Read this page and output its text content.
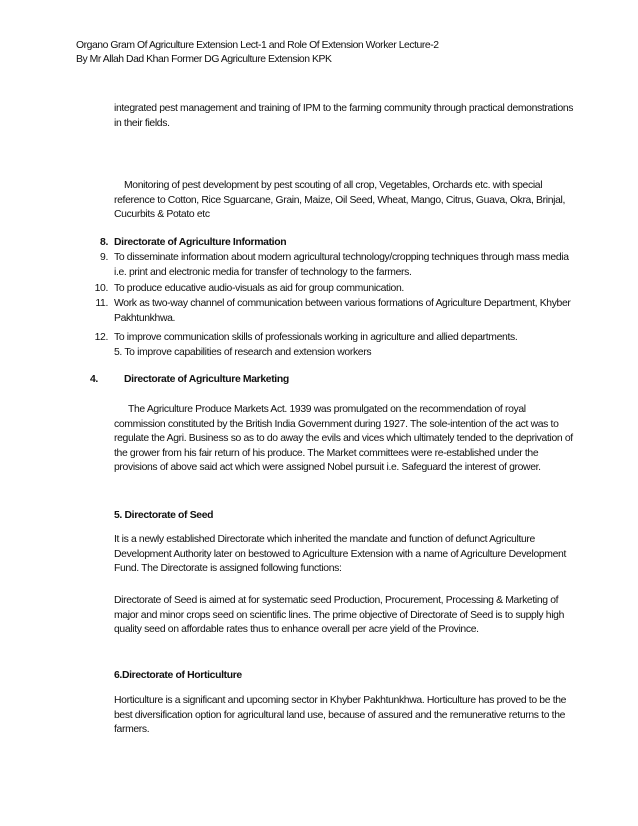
Organo Gram Of Agriculture Extension Lect-1 and Role Of Extension Worker Lecture-2
By Mr Allah Dad Khan Former DG Agriculture Extension KPK

integrated pest management and training of IPM to the farming community through practical demonstrations in their fields.

Monitoring of pest development by pest scouting of all crop, Vegetables, Orchards etc. with special reference to Cotton, Rice Sguarcane, Grain, Maize, Oil Seed, Wheat, Mango, Citrus, Guava, Okra, Brinjal, Cucurbits & Potato etc

8. Directorate of Agriculture Information
9. To disseminate information about modern agricultural technology/cropping techniques through mass media i.e. print and electronic media for transfer of technology to the farmers.
10. To produce educative audio-visuals as aid for group communication.
11. Work as two-way channel of communication between various formations of Agriculture Department, Khyber Pakhtunkhwa.
12. To improve communication skills of professionals working in agriculture and allied departments.
5. To improve capabilities of research and extension workers
4.	Directorate of Agriculture Marketing

The Agriculture Produce Markets Act. 1939 was promulgated on the recommendation of royal commission constituted by the British India Government during 1927. The sole-intention of the act was to regulate the Agri. Business so as to do away the evils and vices which ultimately tended to the deprivation of the grower from his fair return of his produce. The Market committees were re-established under the provisions of above said act which were assigned Nobel pursuit i.e. Safeguard the interest of grower.

5. Directorate of Seed

It is a newly established Directorate which inherited the mandate and function of defunct Agriculture Development Authority later on bestowed to Agriculture Extension with a name of Agriculture Development Fund. The Directorate is assigned following functions:

Directorate of Seed is aimed at for systematic seed Production, Procurement, Processing & Marketing of major and minor crops seed on scientific lines. The prime objective of Directorate of Seed is to supply high quality seed on affordable rates thus to enhance overall per acre yield of the Province.

6.Directorate of Horticulture

Horticulture is a significant and upcoming sector in Khyber Pakhtunkhwa. Horticulture has proved to be the best diversification option for agricultural land use, because of assured and the remunerative returns to the farmers.
